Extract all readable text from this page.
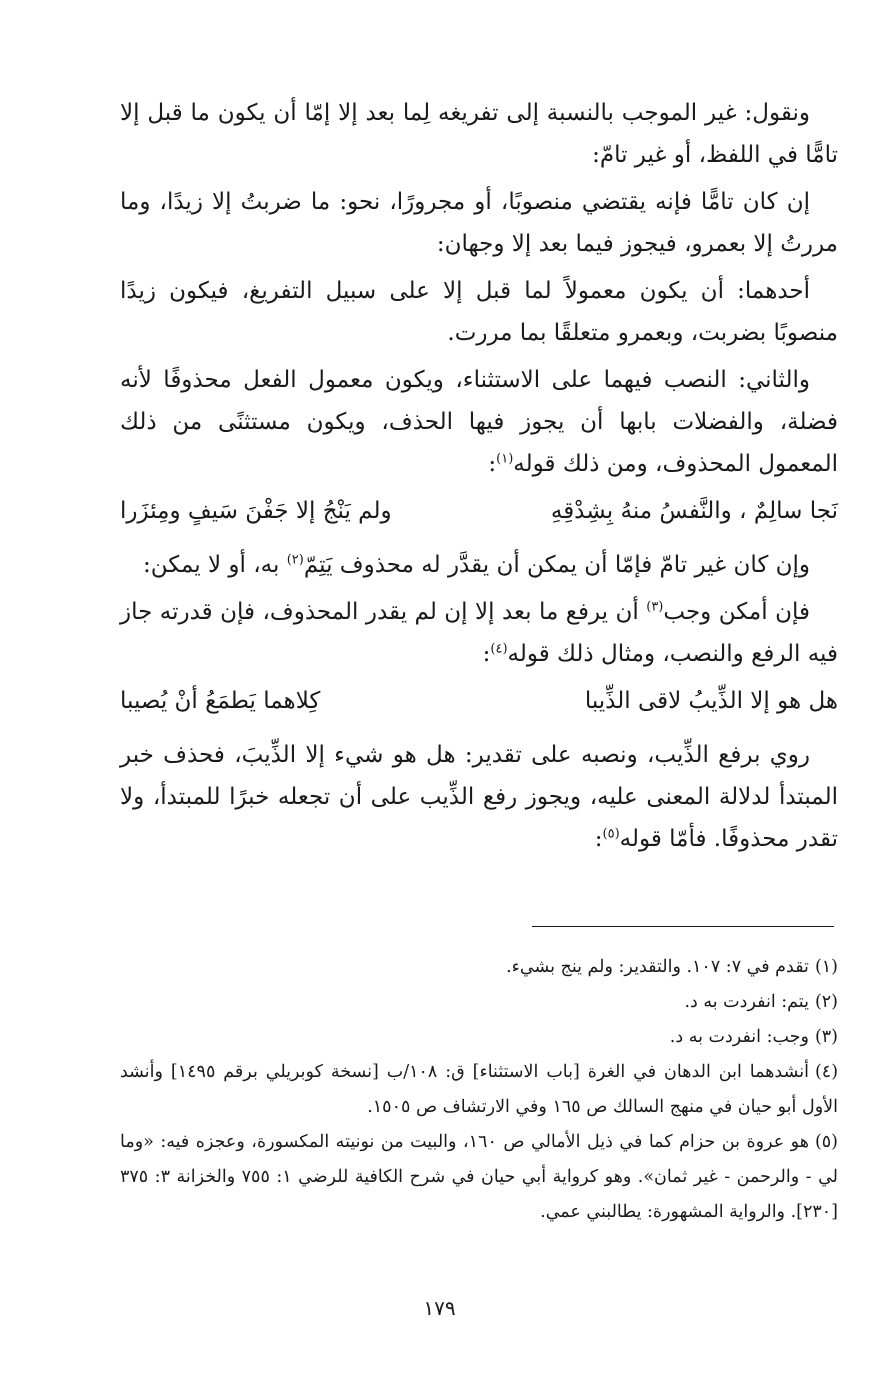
ونقول: غير الموجب بالنسبة إلى تفريغه لِما بعد إلا إمّا أن يكون ما قبل إلا تامًّا في اللفظ، أو غير تامّ:

إن كان تامًّا فإنه يقتضي منصوبًا، أو مجرورًا، نحو: ما ضربتُ إلا زيدًا، وما مررتُ إلا بعمرو، فيجوز فيما بعد إلا وجهان:

أحدهما: أن يكون معمولاً لما قبل إلا على سبيل التفريغ، فيكون زيدًا منصوبًا بضربت، وبعمرو متعلقًا بما مررت.

والثاني: النصب فيهما على الاستثناء، ويكون معمول الفعل محذوفًا لأنه فضلة، والفضلات بابها أن يجوز فيها الحذف، ويكون مستثنًى من ذلك المعمول المحذوف، ومن ذلك قوله$^{(١)}$:

نَجا سالِمٌ ، والنَّفسُ منهُ بِشِدْقِهِ
ولم يَنْجُ إلا جَفْنَ سَيفٍ ومِئزَرا

وإن كان غير تامّ فإمّا أن يمكن أن يقدَّر له محذوف يَتِمّ$^{(٢)}$ به، أو لا يمكن:

فإن أمكن وجب$^{(٣)}$ أن يرفع ما بعد إلا إن لم يقدر المحذوف، فإن قدرته جاز فيه الرفع والنصب، ومثال ذلك قوله$^{(٤)}$:

هل هو إلا الذِّيبُ لاقى الذِّيبا
كِلاهما يَطمَعُ أنْ يُصيبا

روي برفع الذِّيب، ونصبه على تقدير: هل هو شيء إلا الذِّيبَ، فحذف خبر المبتدأ لدلالة المعنى عليه، ويجوز رفع الذِّيب على أن تجعله خبرًا للمبتدأ، ولا تقدر محذوفًا. فأمّا قوله$^{(٥)}$:

(١)تقدم في ٧: ١٠٧. والتقدير: ولم ينج بشيء.

(٢)يتم: انفردت به د.

(٣)وجب: انفردت به د.

(٤)أنشدهما ابن الدهان في الغرة [باب الاستثناء] ق: ١٠٨/ب [نسخة كوبريلي برقم ١٤٩٥] وأنشد الأول أبو حيان في منهج السالك ص ١٦٥ وفي الارتشاف ص ١٥٠٥.

(٥)هو عروة بن حزام كما في ذيل الأمالي ص ١٦٠، والبيت من نونيته المكسورة، وعجزه فيه: «وما لي - والرحمن - غير ثمان». وهو كرواية أبي حيان في شرح الكافية للرضي ١: ٧٥٥ والخزانة ٣: ٣٧٥ [٢٣٠]. والرواية المشهورة: يطالبني عمي.

١٧٩
